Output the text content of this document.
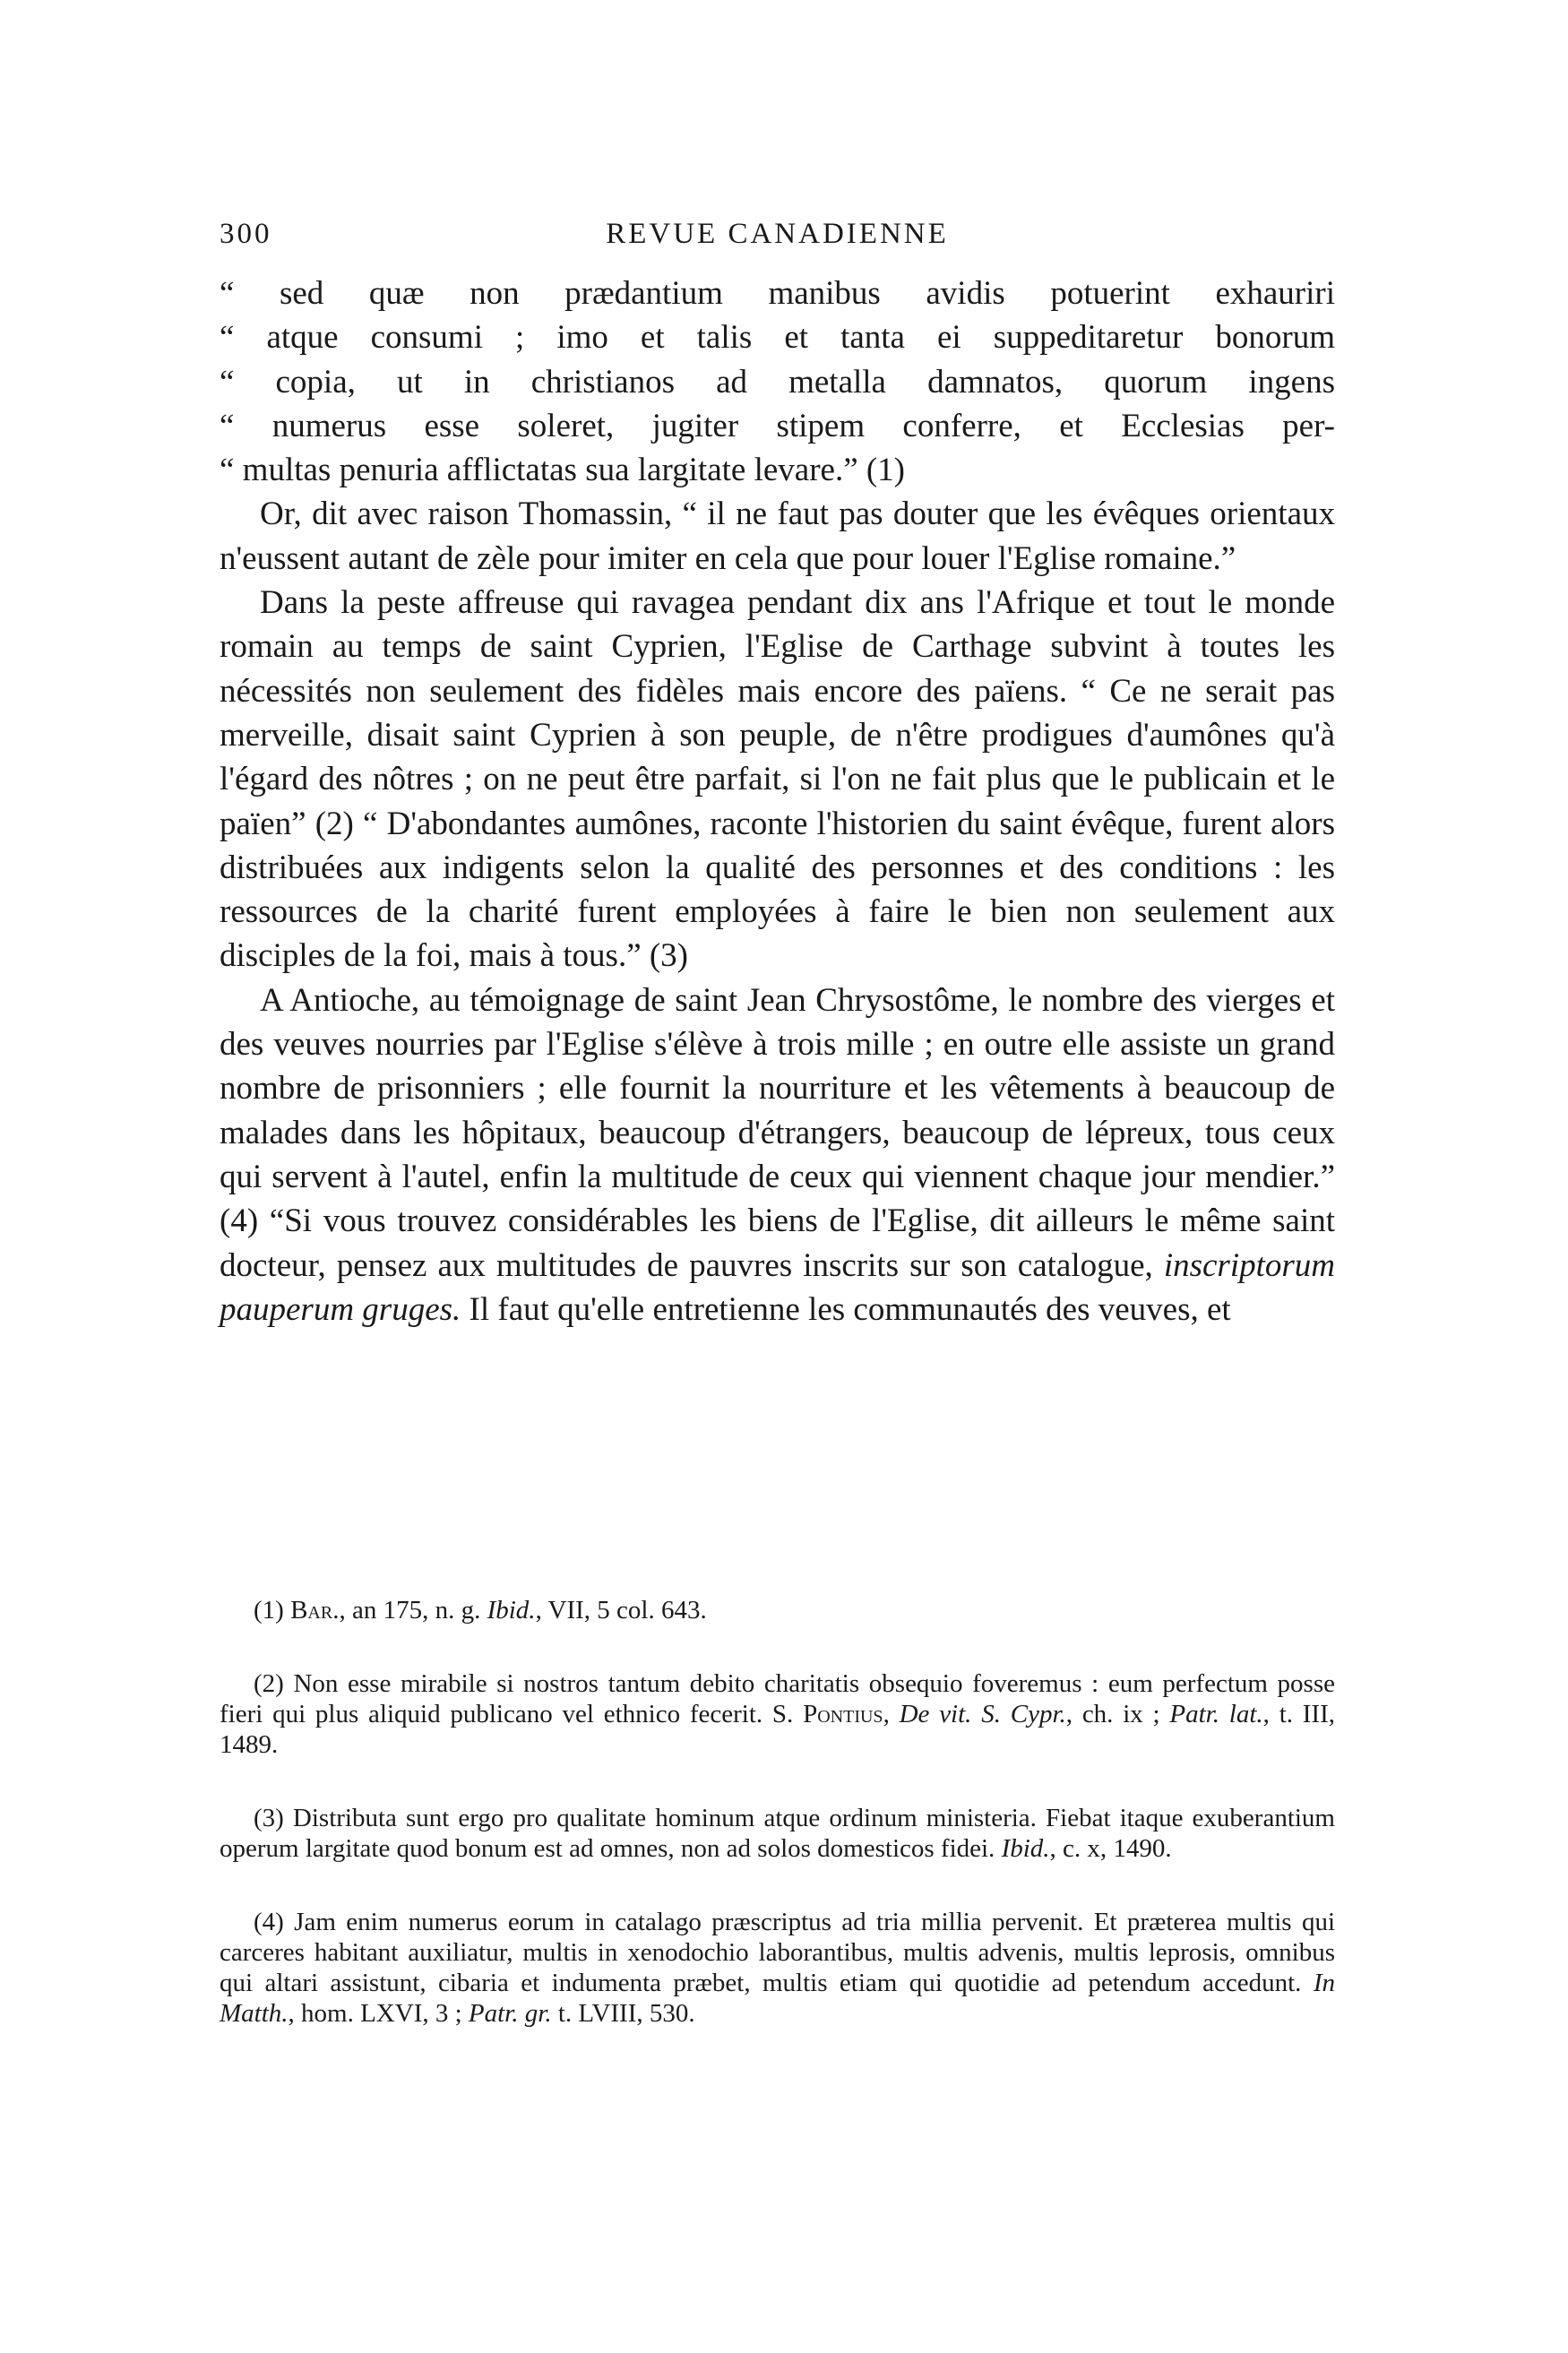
300	REVUE CANADIENNE
“ sed quæ non prædantium manibus avidis potuerint exhauriri
“ atque consumi ; imo et talis et tanta ei suppeditaretur bonorum
“ copia, ut in christianos ad metalla damnatos, quorum ingens
“ numerus esse soleret, jugiter stipem conferre, et Ecclesias per-
“ multas penuria afflictatas sua largitate levare.” (1)

Or, dit avec raison Thomassin, “ il ne faut pas douter que les évêques orientaux n'eussent autant de zèle pour imiter en cela que pour louer l'Eglise romaine.”

Dans la peste affreuse qui ravagea pendant dix ans l'Afrique et tout le monde romain au temps de saint Cyprien, l'Eglise de Carthage subvint à toutes les nécessités non seulement des fidèles mais encore des païens. “ Ce ne serait pas merveille, disait saint Cyprien à son peuple, de n'être prodigues d'aumônes qu'à l'égard des nôtres ; on ne peut être parfait, si l'on ne fait plus que le publicain et le païen” (2) “ D'abondantes aumônes, raconte l'historien du saint évêque, furent alors distribuées aux indigents selon la qualité des personnes et des conditions : les ressources de la charité furent employées à faire le bien non seulement aux disciples de la foi, mais à tous.” (3)

A Antioche, au témoignage de saint Jean Chrysostôme, le nombre des vierges et des veuves nourries par l'Eglise s'élève à trois mille ; en outre elle assiste un grand nombre de prisonniers ; elle fournit la nourriture et les vêtements à beaucoup de malades dans les hôpitaux, beaucoup d'étrangers, beaucoup de lépreux, tous ceux qui servent à l'autel, enfin la multitude de ceux qui viennent chaque jour mendier.” (4) “Si vous trouvez considérables les biens de l'Eglise, dit ailleurs le même saint docteur, pensez aux multitudes de pauvres inscrits sur son catalogue, inscriptorum pauperum gruges. Il faut qu'elle entretienne les communautés des veuves, et

(1) Bar., an 175, n. g. Ibid., VII, 5 col. 643.

(2) Non esse mirabile si nostros tantum debito charitatis obsequio foveremus : eum perfectum posse fieri qui plus aliquid publicano vel ethnico fecerit. S. Pontius, De vit. S. Cypr., ch. ix ; Patr. lat., t. III, 1489.

(3) Distributa sunt ergo pro qualitate hominum atque ordinum ministeria. Fiebat itaque exuberantium operum largitate quod bonum est ad omnes, non ad solos domesticos fidei. Ibid., c. x, 1490.

(4) Jam enim numerus eorum in catalago præscriptus ad tria millia pervenit. Et præterea multis qui carceres habitant auxiliatur, multis in xenodochio laborantibus, multis advenis, multis leprosis, omnibus qui altari assistunt, cibaria et indumenta præbet, multis etiam qui quotidie ad petendum accedunt. In Matth., hom. LXVI, 3 ; Patr. gr. t. LVIII, 530.
